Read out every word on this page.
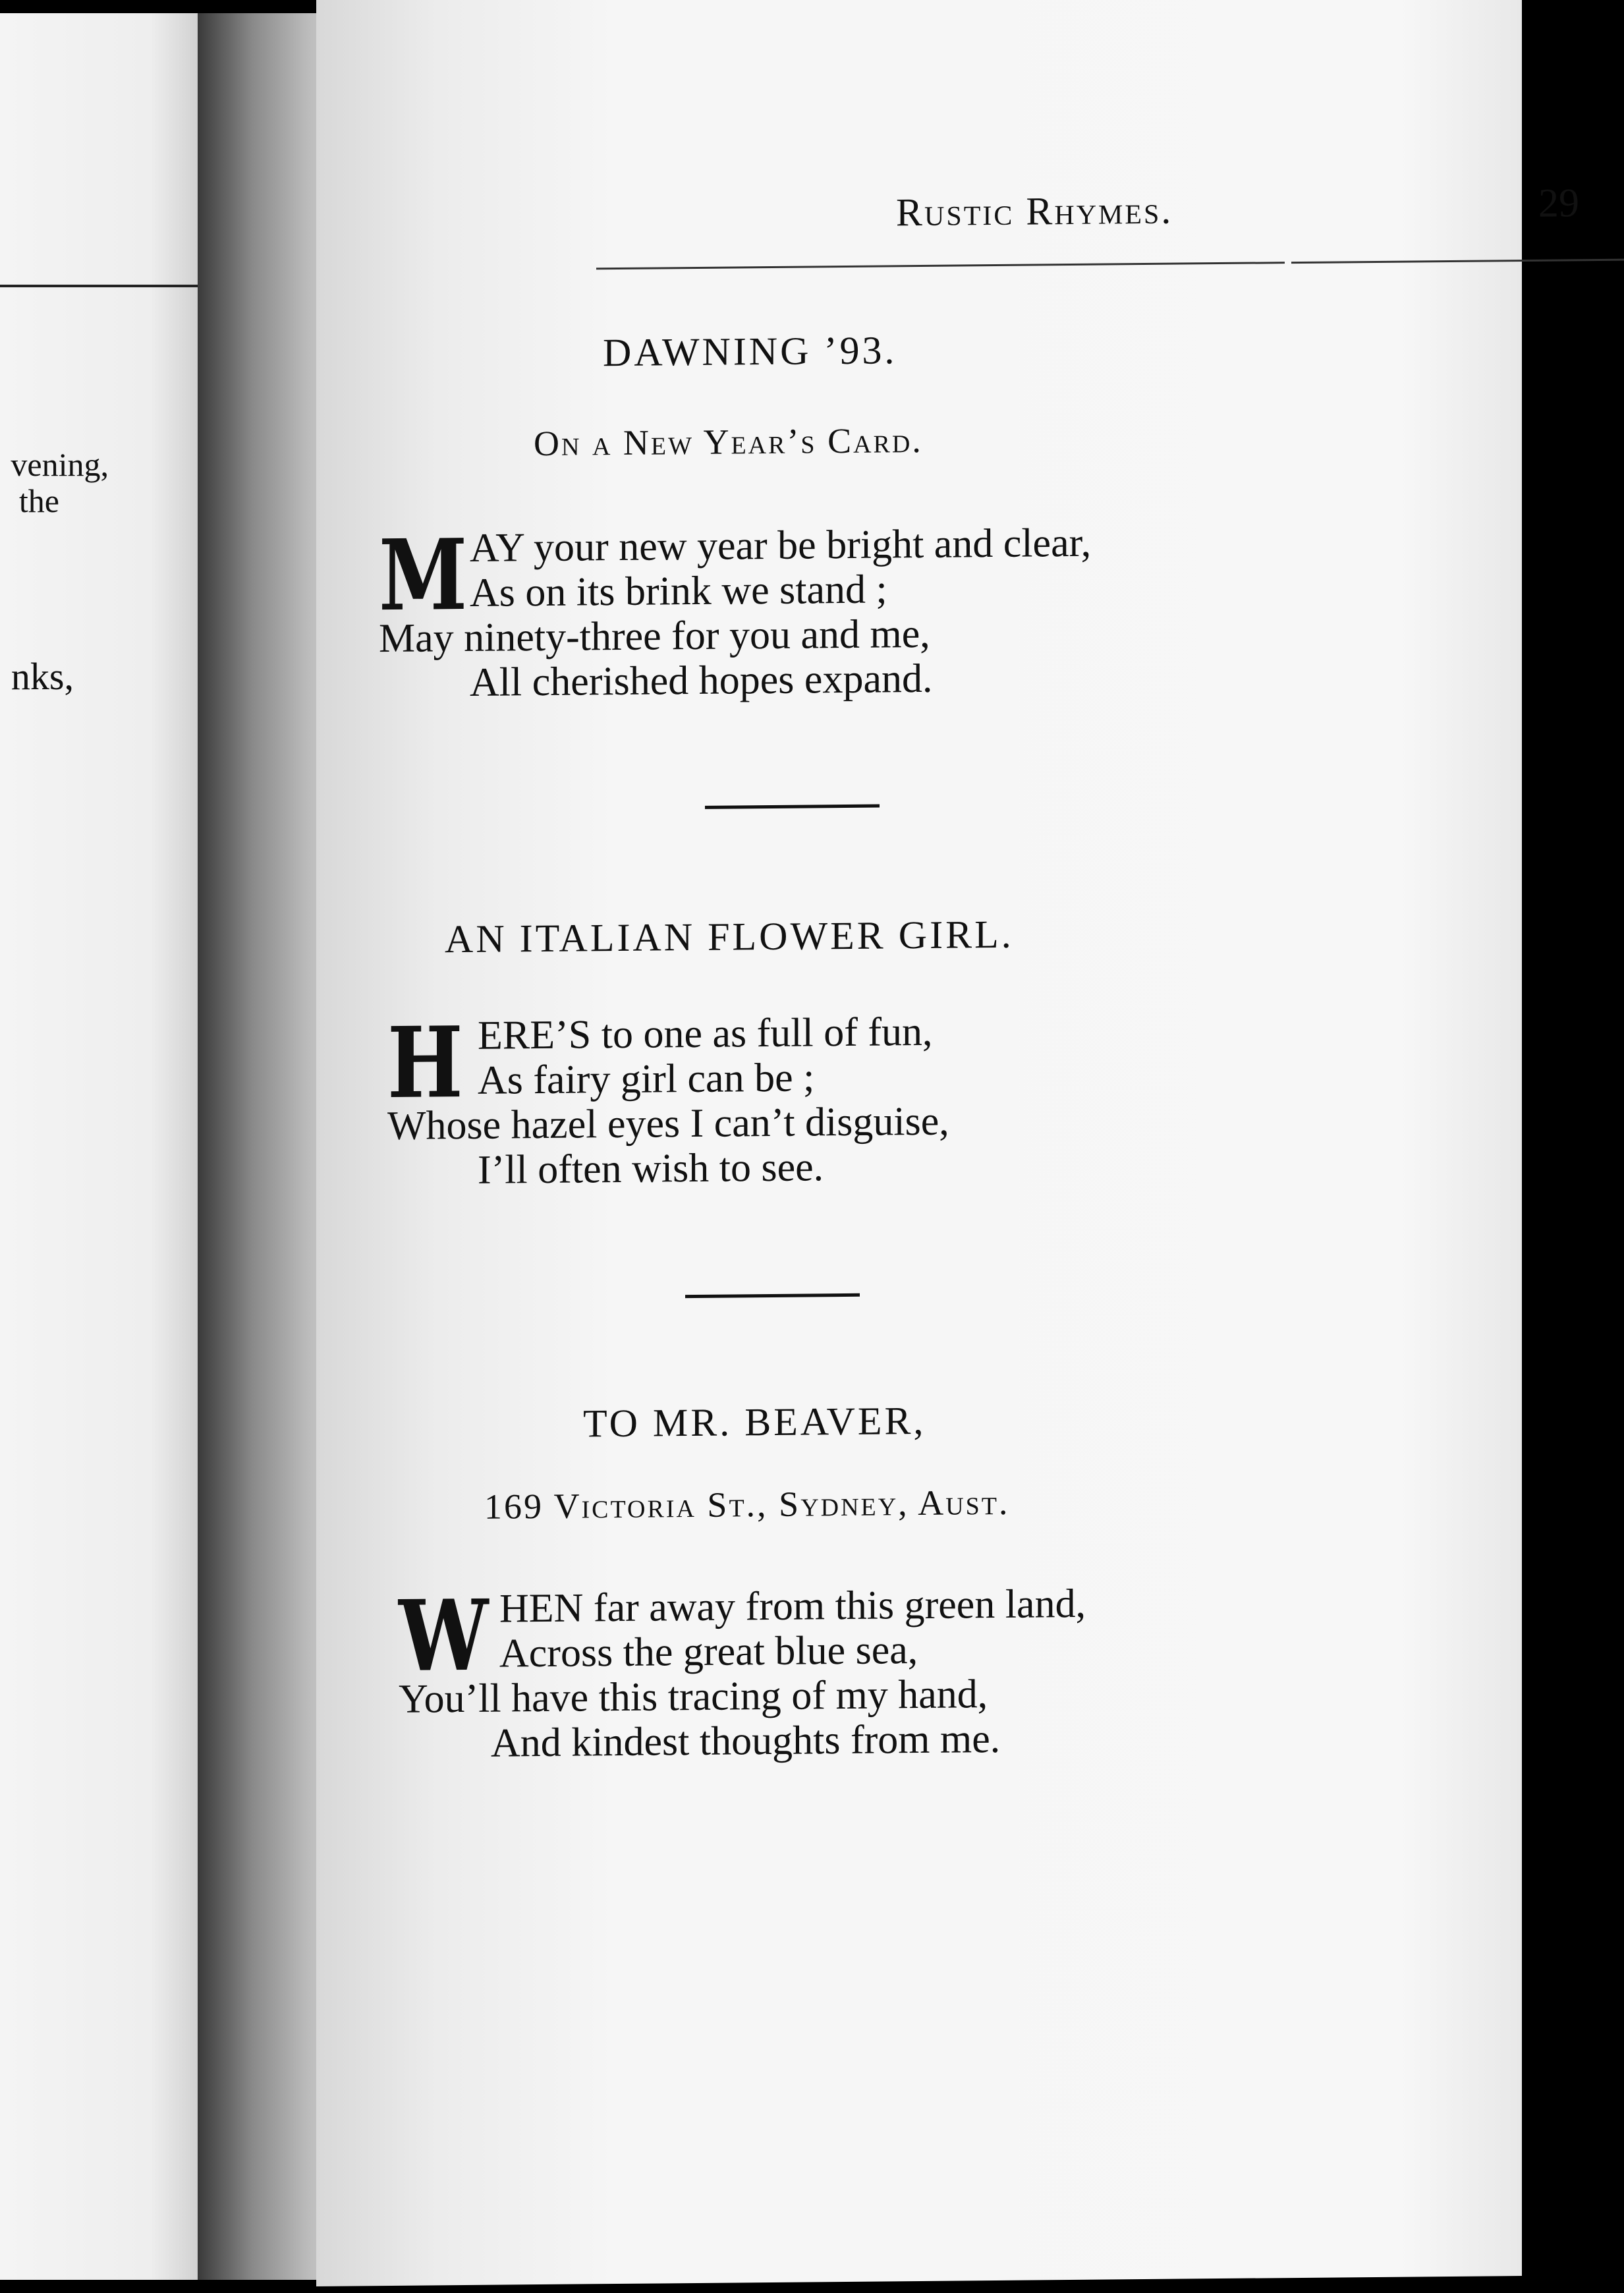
vening,
the
nks,
Rustic Rhymes.	29
DAWNING ’93.
On a New Year’s Card.
M AY your new year be bright and clear,
As on its brink we stand ;
May ninety-three for you and me,
All cherished hopes expand.
AN ITALIAN FLOWER GIRL.
H ERE’S to one as full of fun,
As fairy girl can be ;
Whose hazel eyes I can’t disguise,
I’ll often wish to see.
TO MR. BEAVER,
169 Victoria St., Sydney, Aust.
W HEN far away from this green land,
Across the great blue sea,
You’ll have this tracing of my hand,
And kindest thoughts from me.
